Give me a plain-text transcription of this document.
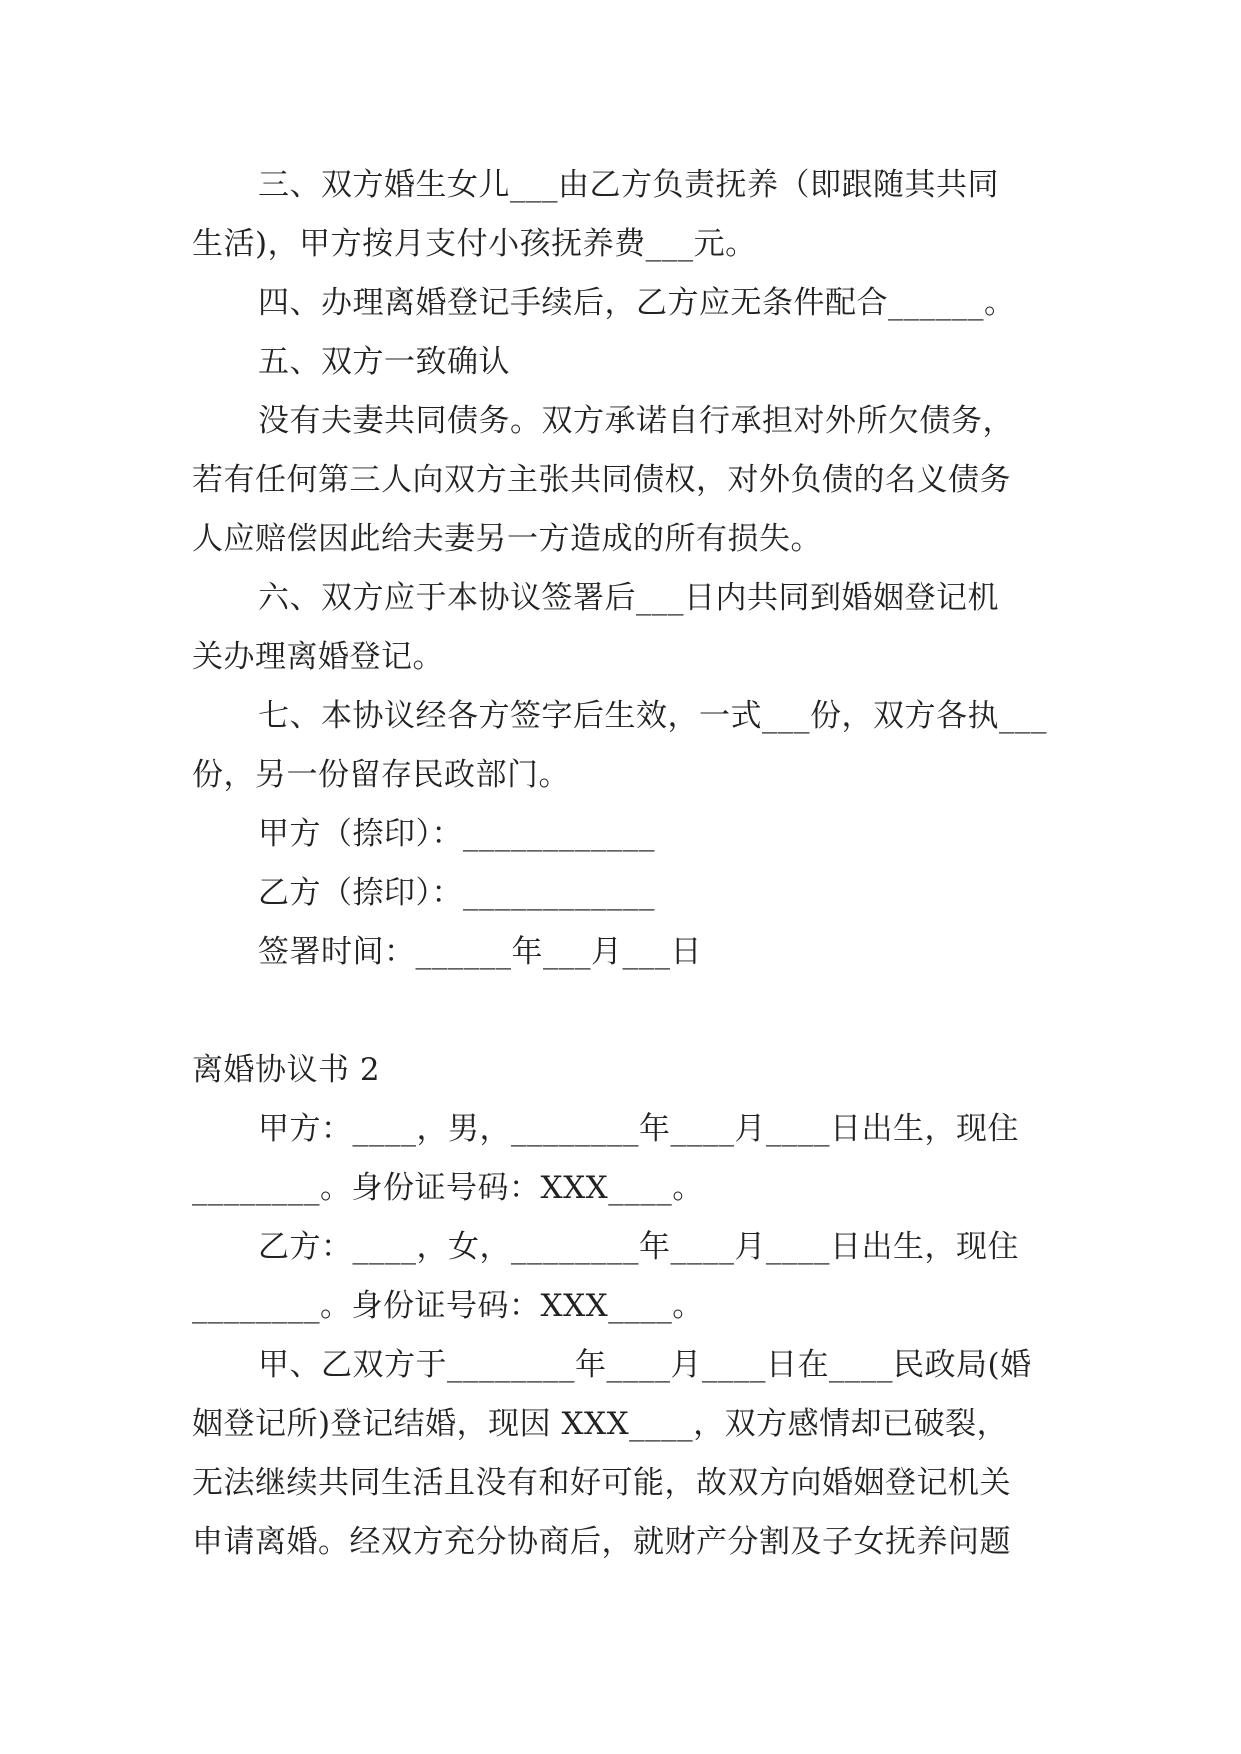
三、双方婚生女儿___由乙方负责抚养（即跟随其共同
生活)，甲方按月支付小孩抚养费___元。
四、办理离婚登记手续后，乙方应无条件配合______。
五、双方一致确认
没有夫妻共同债务。双方承诺自行承担对外所欠债务，
若有任何第三人向双方主张共同债权，对外负债的名义债务
人应赔偿因此给夫妻另一方造成的所有损失。
六、双方应于本协议签署后___日内共同到婚姻登记机
关办理离婚登记。
七、本协议经各方签字后生效，一式___份，双方各执___
份，另一份留存民政部门。
甲方（捺印）：____________
乙方（捺印）：____________
签署时间：______年___月___日
离婚协议书 2
甲方：____，男，________年____月____日出生，现住
________。身份证号码：XXX____。
乙方：____，女，________年____月____日出生，现住
________。身份证号码：XXX____。
甲、乙双方于________年____月____日在____民政局(婚
姻登记所)登记结婚，现因 XXX____，双方感情却已破裂，
无法继续共同生活且没有和好可能，故双方向婚姻登记机关
申请离婚。经双方充分协商后，就财产分割及子女抚养问题
